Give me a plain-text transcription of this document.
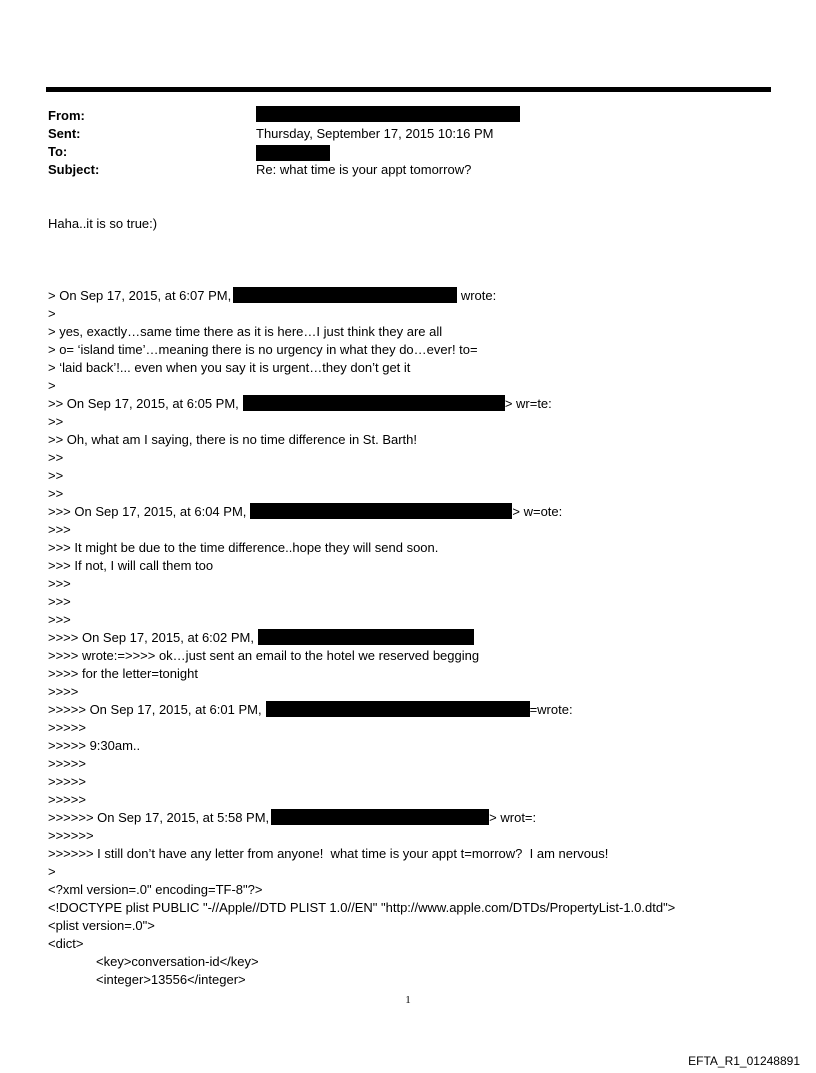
From:
Sent:	Thursday, September 17, 2015 10:16 PM
To:
Subject:	Re: what time is your appt tomorrow?
Haha..it is so true:)
> On Sep 17, 2015, at 6:07 PM,	wrote:
>
> yes, exactly…same time there as it is here…I just think they are all
> o= ‘island time’…meaning there is no urgency in what they do…ever! to=
> ‘laid back’!... even when you say it is urgent…they don’t get it
>
>> On Sep 17, 2015, at 6:05 PM,	> wr=te:
>>
>> Oh, what am I saying, there is no time difference in St. Barth!
>>
>>
>>
>>> On Sep 17, 2015, at 6:04 PM,	> w=ote:
>>>
>>> It might be due to the time difference..hope they will send soon.
>>> If not, I will call them too
>>>
>>>
>>>
>>>> On Sep 17, 2015, at 6:02 PM,
>>>> wrote:=>>>> ok…just sent an email to the hotel we reserved begging
>>>> for the letter=tonight
>>>>
>>>>> On Sep 17, 2015, at 6:01 PM,	=wrote:
>>>>>
>>>>> 9:30am..
>>>>>
>>>>>
>>>>>
>>>>>> On Sep 17, 2015, at 5:58 PM,	> wrot=:
>>>>>>
>>>>>> I still don’t have any letter from anyone!  what time is your appt t=morrow?  I am nervous!
>
<?xml version=.0" encoding=TF-8"?>
<!DOCTYPE plist PUBLIC "-//Apple//DTD PLIST 1.0//EN" "http://www.apple.com/DTDs/PropertyList-1.0.dtd">
<plist version=.0">
<dict>
<key>conversation-id</key>
<integer>13556</integer>
1
EFTA_R1_01248891
